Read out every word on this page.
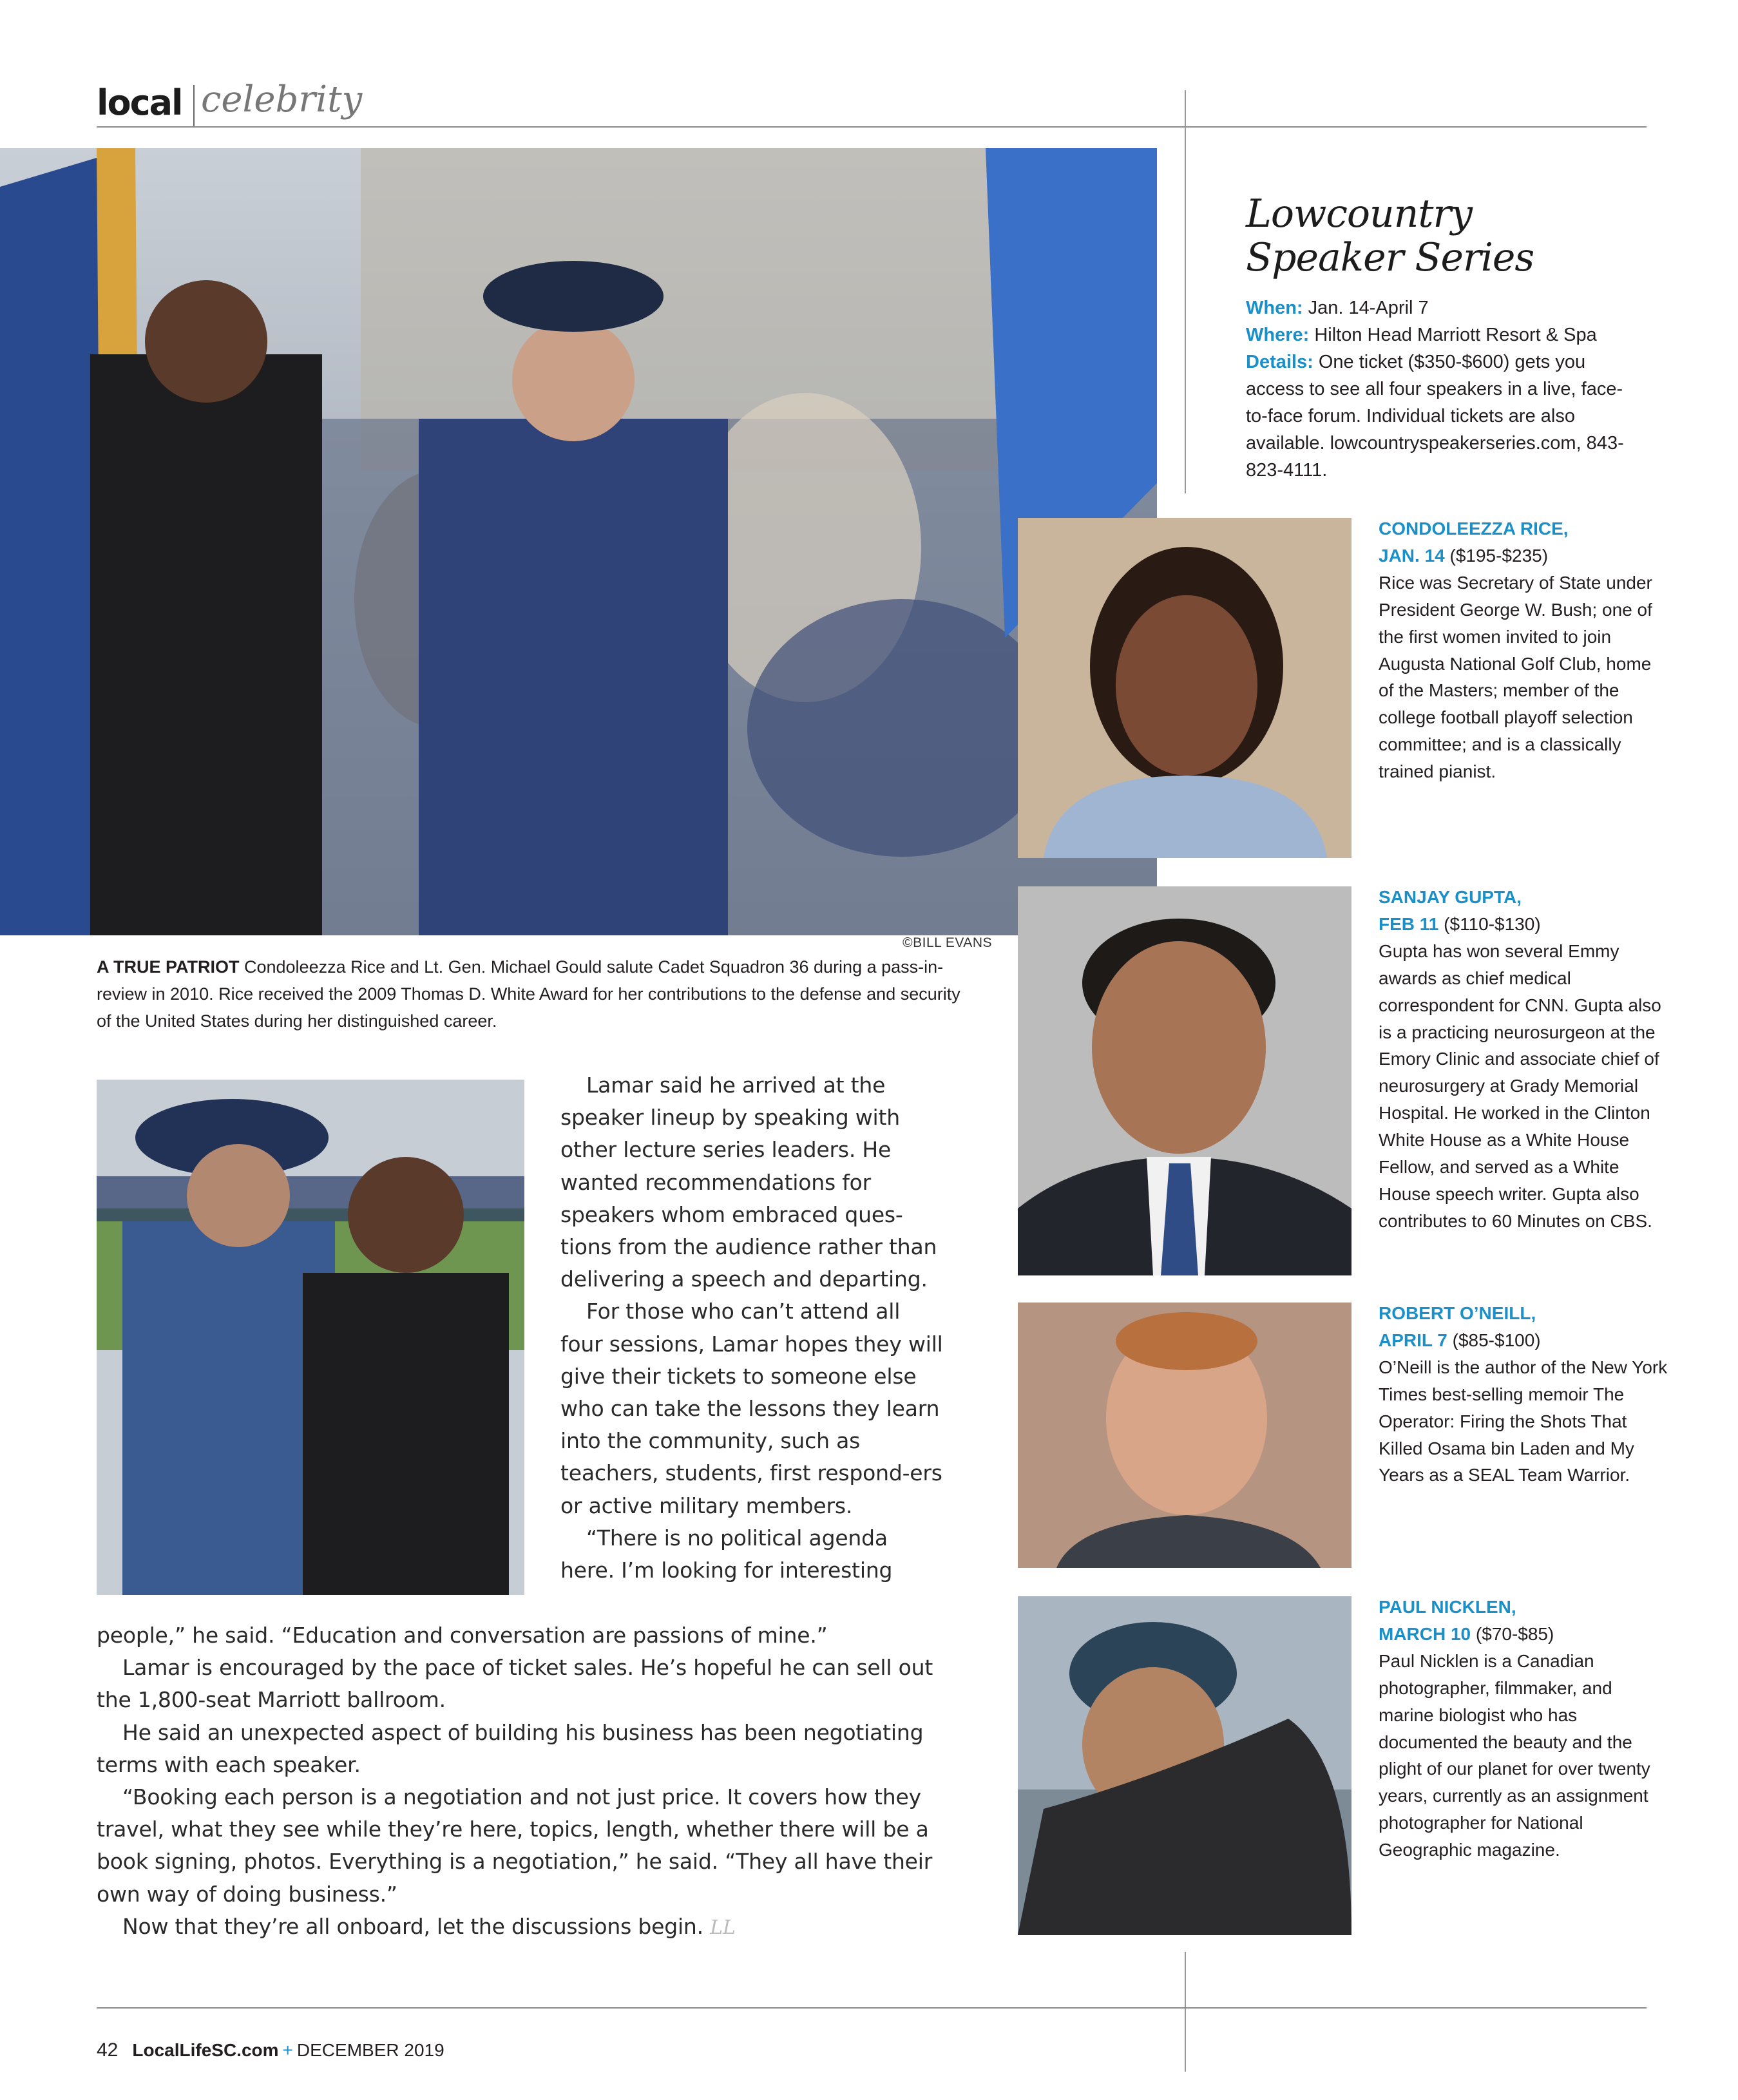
local celebrity
©BILL EVANS
A TRUE PATRIOT Condoleezza Rice and Lt. Gen. Michael Gould salute Cadet Squadron 36 during a pass-in-review in 2010. Rice received the 2009 Thomas D. White Award for her contributions to the defense and security of the United States during her distinguished career.

Lamar said he arrived at the speaker lineup by speaking with other lecture series leaders. He wanted recommendations for speakers whom embraced ques-tions from the audience rather than delivering a speech and departing.

For those who can’t attend all four sessions, Lamar hopes they will give their tickets to someone else who can take the lessons they learn into the community, such as teachers, students, first respond-ers or active military members.

“There is no political agenda here. I’m looking for interesting

people,” he said. “Education and conversation are passions of mine.”

Lamar is encouraged by the pace of ticket sales. He’s hopeful he can sell out the 1,800-seat Marriott ballroom.

He said an unexpected aspect of building his business has been negotiating terms with each speaker.

“Booking each person is a negotiation and not just price. It covers how they travel, what they see while they’re here, topics, length, whether there will be a book signing, photos. Everything is a negotiation,” he said. “They all have their own way of doing business.”

Now that they’re all onboard, let the discussions begin. LL

Lowcountry
Speaker Series
When: Jan. 14-April 7
Where: Hilton Head Marriott Resort & Spa
Details: One ticket ($350-$600) gets you access to see all four speakers in a live, face-to-face forum. Individual tickets are also available. lowcountryspeakerseries.com, 843-823-4111.
CONDOLEEZZA RICE,
JAN. 14 ($195-$235)
Rice was Secretary of State under President George W. Bush; one of the first women invited to join Augusta National Golf Club, home of the Masters; member of the college football playoff selection committee; and is a classically trained pianist.
SANJAY GUPTA,
FEB 11 ($110-$130)
Gupta has won several Emmy awards as chief medical correspondent for CNN. Gupta also is a practicing neurosurgeon at the Emory Clinic and associate chief of neurosurgery at Grady Memorial Hospital. He worked in the Clinton White House as a White House Fellow, and served as a White House speech writer. Gupta also contributes to 60 Minutes on CBS.
ROBERT O’NEILL,
APRIL 7 ($85-$100)
O’Neill is the author of the New York Times best-selling memoir The Operator: Firing the Shots That Killed Osama bin Laden and My Years as a SEAL Team Warrior.
PAUL NICKLEN,
MARCH 10 ($70-$85)
Paul Nicklen is a Canadian photographer, filmmaker, and marine biologist who has documented the beauty and the plight of our planet for over twenty years, currently as an assignment photographer for National Geographic magazine.
42 LocalLifeSC.com + DECEMBER 2019
